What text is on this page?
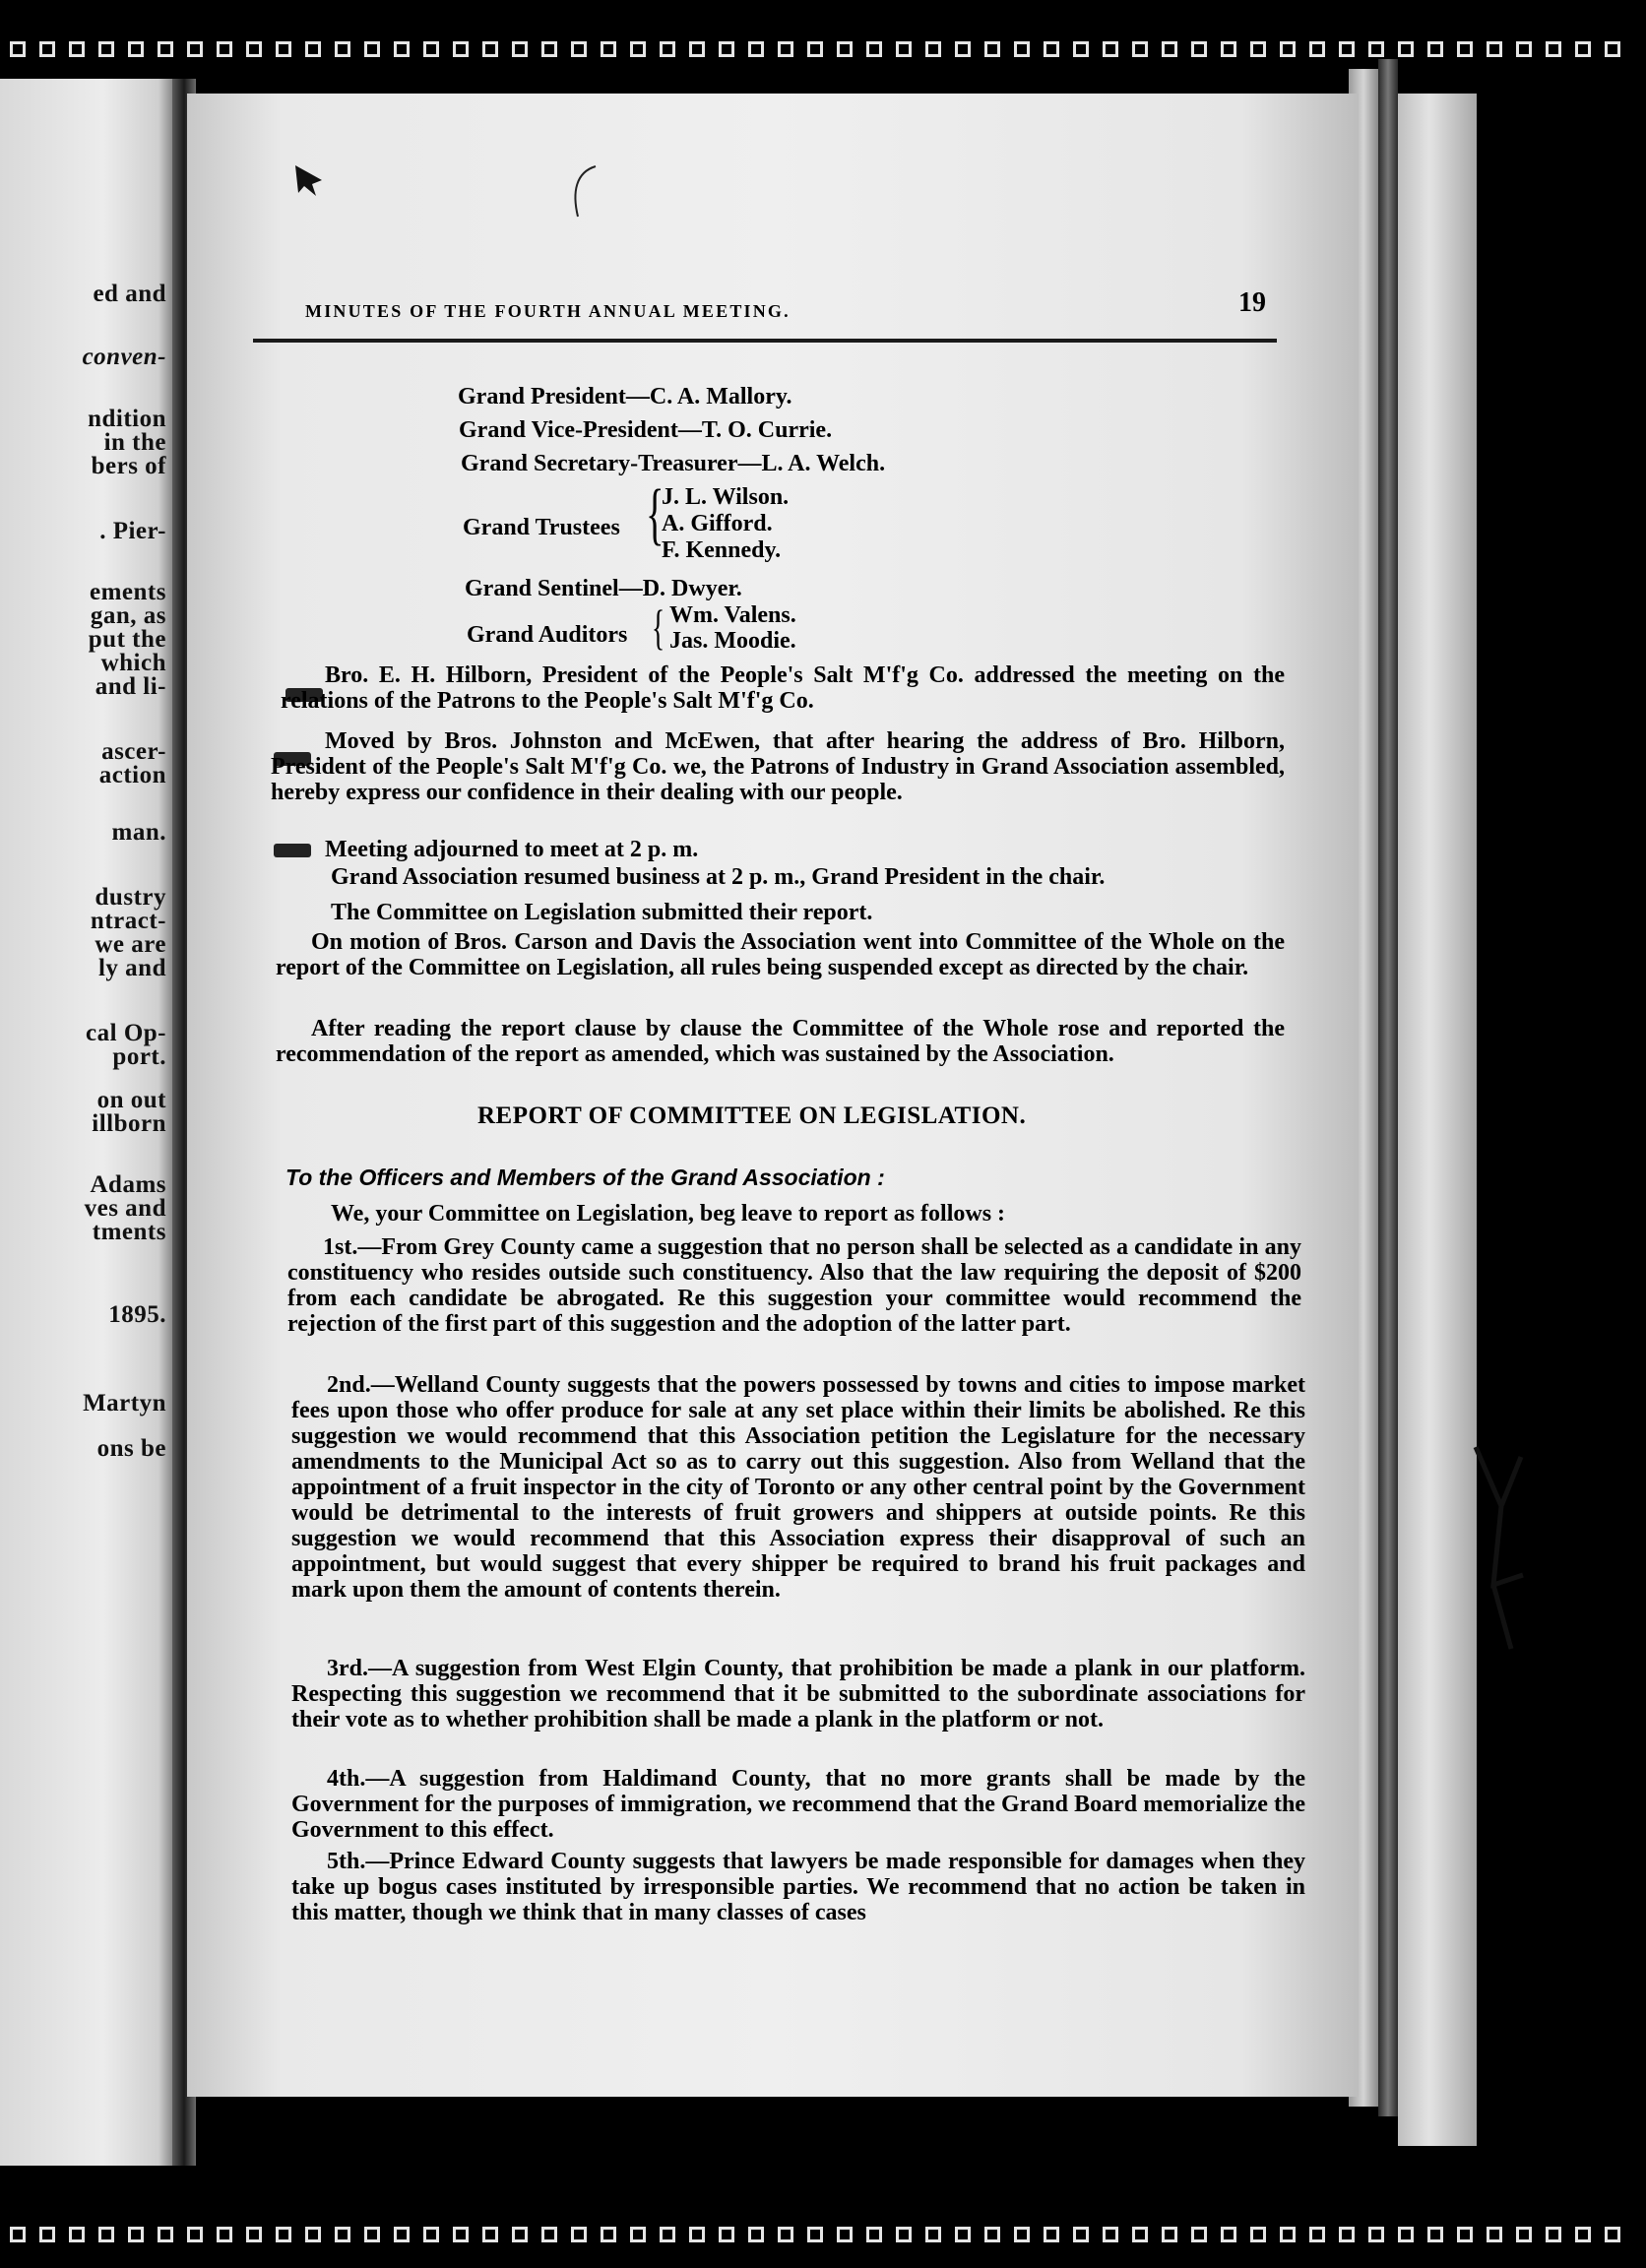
ed and

conven-

ndition

in the

bers of

. Pier-

ements

gan, as

put the

which

and li-

ascer-

action

man.

dustry

ntract-

we are

ly and

cal Op-

port.

on out

illborn

Adams

ves and

tments

1895.

Martyn

ons be

MINUTES OF THE FOURTH ANNUAL MEETING.	19

Grand President—C. A. Mallory.

Grand Vice-President—T. O. Currie.

Grand Secretary-Treasurer—L. A. Welch.

Grand Trustees {

J. L. Wilson.

A. Gifford.

F. Kennedy.

Grand Sentinel—D. Dwyer.

Grand Auditors { Wm. Valens.

Jas. Moodie.

Bro. E. H. Hilborn, President of the People's Salt M'f'g Co. addressed the meeting on the relations of the Patrons to the People's Salt M'f'g Co.

Moved by Bros. Johnston and McEwen, that after hearing the address of Bro. Hilborn, President of the People's Salt M'f'g Co. we, the Patrons of Industry in Grand Association assembled, hereby express our confidence in their dealing with our people.

Meeting adjourned to meet at 2 p. m.

Grand Association resumed business at 2 p. m., Grand President in the chair.

The Committee on Legislation submitted their report.

On motion of Bros. Carson and Davis the Association went into Committee of the Whole on the report of the Committee on Legislation, all rules being suspended except as directed by the chair.

After reading the report clause by clause the Committee of the Whole rose and reported the recommendation of the report as amended, which was sustained by the Association.

REPORT OF COMMITTEE ON LEGISLATION.

To the Officers and Members of the Grand Association :

We, your Committee on Legislation, beg leave to report as follows :

1st.—From Grey County came a suggestion that no person shall be selected as a candidate in any constituency who resides outside such constituency. Also that the law requiring the deposit of $200 from each candidate be abrogated. Re this suggestion your committee would recommend the rejection of the first part of this suggestion and the adoption of the latter part.

2nd.—Welland County suggests that the powers possessed by towns and cities to impose market fees upon those who offer produce for sale at any set place within their limits be abolished. Re this suggestion we would recommend that this Association petition the Legislature for the necessary amendments to the Municipal Act so as to carry out this suggestion. Also from Welland that the appointment of a fruit inspector in the city of Toronto or any other central point by the Government would be detrimental to the interests of fruit growers and shippers at outside points. Re this suggestion we would recommend that this Association express their disapproval of such an appointment, but would suggest that every shipper be required to brand his fruit packages and mark upon them the amount of contents therein.

3rd.—A suggestion from West Elgin County, that prohibition be made a plank in our platform. Respecting this suggestion we recommend that it be submitted to the subordinate associations for their vote as to whether prohibition shall be made a plank in the platform or not.

4th.—A suggestion from Haldimand County, that no more grants shall be made by the Government for the purposes of immigration, we recommend that the Grand Board memorialize the Government to this effect.

5th.—Prince Edward County suggests that lawyers be made responsible for damages when they take up bogus cases instituted by irresponsible parties. We recommend that no action be taken in this matter, though we think that in many classes of cases
